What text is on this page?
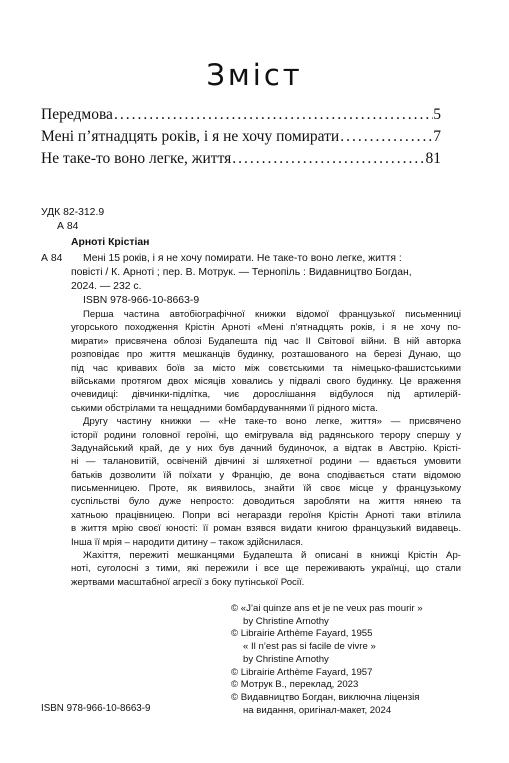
Зміст
Передмова .....	5
Мені п’ятнадцять років, і я не хочу помирати .....	7
Не таке-то воно легке, життя .....	81
УДК 82-312.9
А 84
Арноті Крістіан
А 84 Мені 15 років, і я не хочу помирати. Не таке-то воно легке, життя :
повісті / К. Арноті ; пер. В. Мотрук. — Тернопіль : Видавництво Богдан,
2024. — 232 с.
ISBN 978-966-10-8663-9
Перша частина автобіографічної книжки відомої французької письменниці
угорського походження Крістін Арноті «Мені п’ятнадцять років, і я не хочу по-
мирати» присвячена облозі Будапешта під час ІІ Світової війни. В ній авторка
розповідає про життя мешканців будинку, розташованого на березі Дунаю, що
під час кривавих боїв за місто між совєтськими та німецько-фашистськими
військами протягом двох місяців ховались у підвалі свого будинку. Це враження
очевидиці: дівчинки-підлітка, чиє дорослішання відбулося під артилерій-
ськими обстрілами та нещадними бомбардуваннями її рідного міста.
Другу частину книжки — «Не таке-то воно легке, життя» — присвячено
історії родини головної героїні, що емігрувала від радянського терору спершу у
Задунайський край, де у них був дачний будиночок, а відтак в Австрію. Крісті-
ні — талановитій, освіченій дівчині зі шляхетної родини — вдається умовити
батьків дозволити їй поїхати у Францію, де вона сподівається стати відомою
письменницею. Проте, як виявилось, знайти їй своє місце у французькому
суспільстві було дуже непросто: доводиться заробляти на життя нянею та
хатньою працівницею. Попри всі негаразди героїня Крістін Арноті таки втілила
в життя мрію своєї юності: її роман взявся видати книгою французький видавець.
Інша її мрія – народити дитину – також здійснилася.
Жахіття, пережиті мешканцями Будапешта й описані в книжці Крістін Ар-
ноті, суголосні з тими, які пережили і все ще переживають українці, що стали
жертвами масштабної агресії з боку путінської Росії.
© «J’ai quinze ans et je ne veux pas mourir »
by Christine Arnothy
© Librairie Arthème Fayard, 1955
« Il n’est pas si facile de vivre »
by Christine Arnothy
© Librairie Arthème Fayard, 1957
© Мотрук В., переклад, 2023
© Видавництво Богдан, виключна ліцензія
на видання, оригінал-макет, 2024
ISBN 978-966-10-8663-9
